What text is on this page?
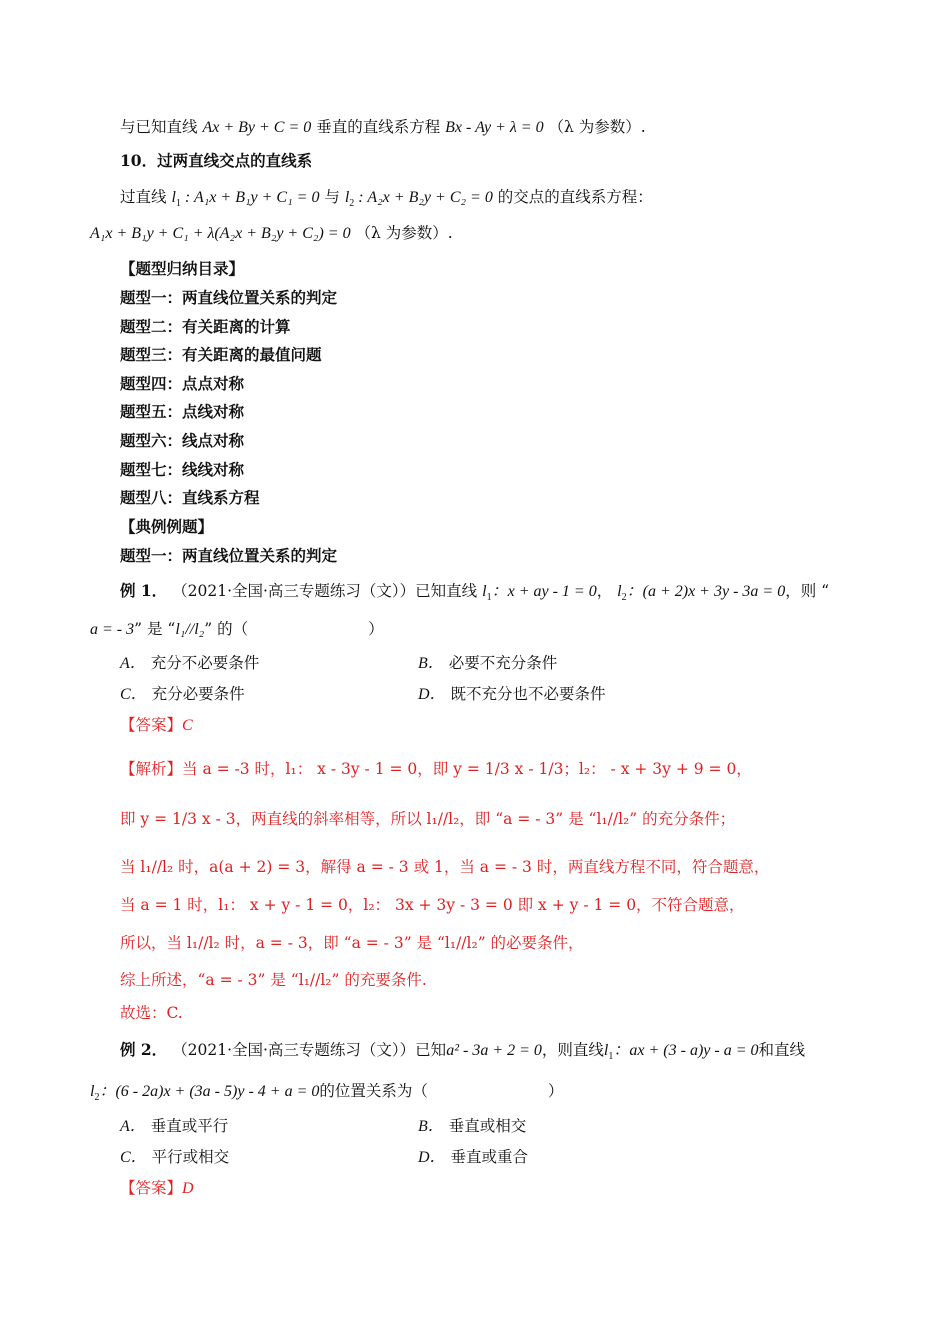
与已知直线 Ax + By + C = 0 垂直的直线系方程 Bx - Ay + λ = 0 （λ 为参数）.
10．过两直线交点的直线系
过直线 $l_1$ : A₁x + B₁y + C₁ = 0 与 $l_2$ : A₂x + B₂y + C₂ = 0 的交点的直线系方程：
A₁x + B₁y + C₁ + λ(A₂x + B₂y + C₂) = 0 （λ 为参数）.
【题型归纳目录】
题型一：两直线位置关系的判定
题型二：有关距离的计算
题型三：有关距离的最值问题
题型四：点点对称
题型五：点线对称
题型六：线点对称
题型七：线线对称
题型八：直线系方程
【典例例题】
题型一：两直线位置关系的判定
例 1． （2021·全国·高三专题练习（文））已知直线 $l_1$：x + ay - 1 = 0， $l_2$：(a + 2)x + 3y - 3a = 0，则 “
a = - 3” 是 “l₁//l₂” 的（	）
A． 充分不必要条件	B． 必要不充分条件
C． 充分必要条件	D． 既不充分也不必要条件
【答案】C
【解析】当 a = -3 时，l₁： x - 3y - 1 = 0，即 y = 1/3 x - 1/3；l₂： - x + 3y + 9 = 0，
即 y = 1/3 x - 3，两直线的斜率相等，所以 l₁//l₂，即 “a = - 3” 是 “l₁//l₂” 的充分条件；
当 l₁//l₂ 时，a(a + 2) = 3，解得 a = - 3 或 1，当 a = - 3 时，两直线方程不同，符合题意，
当 a = 1 时，l₁： x + y - 1 = 0，l₂： 3x + 3y - 3 = 0 即 x + y - 1 = 0，不符合题意，
所以，当 l₁//l₂ 时，a = - 3，即 “a = - 3” 是 “l₁//l₂” 的必要条件，
综上所述，“a = - 3” 是 “l₁//l₂” 的充要条件.
故选：C.
例 2． （2021·全国·高三专题练习（文））已知a² - 3a + 2 = 0，则直线$l_1$：ax + (3 - a)y - a = 0和直线
$l_2$：(6 - 2a)x + (3a - 5)y - 4 + a = 0的位置关系为（	）
A． 垂直或平行	B． 垂直或相交
C． 平行或相交	D． 垂直或重合
【答案】D
